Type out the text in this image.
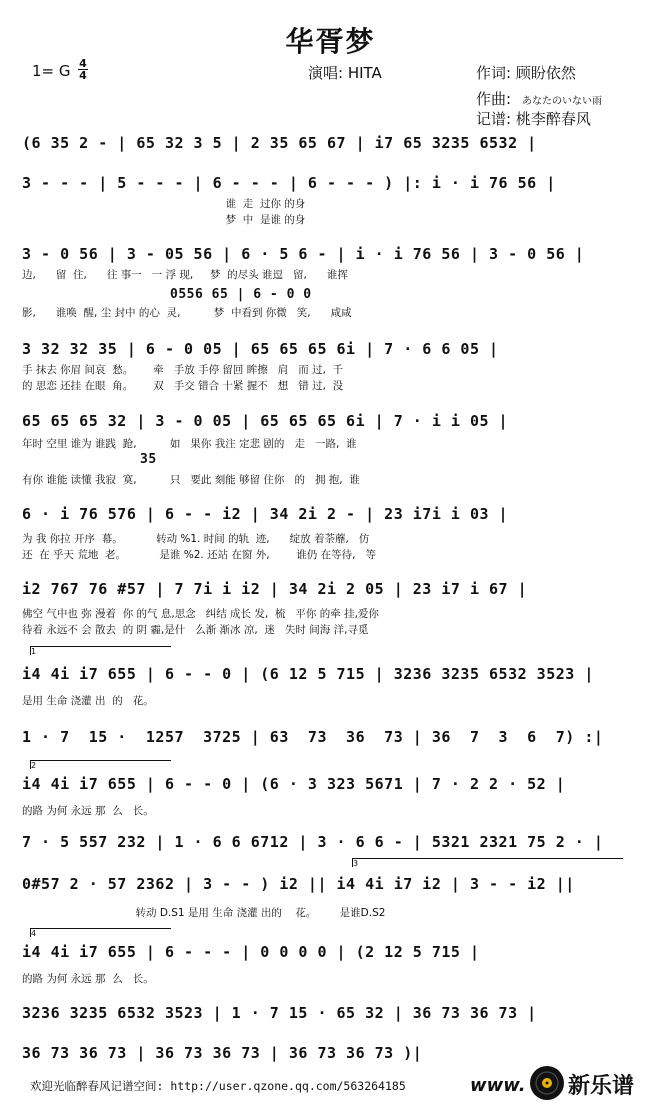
华胥梦
1= G 4
4	演唱: HITA	作词: 顾盼依然
作曲: あなたのいない雨
记谱: 桃李醉春风
(6 35 2 - | 65 32 3 5 | 2 35 65 67 | i7 65 3235 6532 |
3 - - - | 5 - - - | 6 - - - | 6 - - - ) |: i · i 76 56 |
谁  走  过你 的身
梦  中  是谁 的身
3 - 0 56 | 3 - 05 56 | 6 · 5 6 - | i · i 76 56 | 3 - 0 56 |
边,      留  住,      往 事一   一 浮 现,     梦  的尽头 谁逗   留,      谁挥
0556 65 | 6 - 0 0
影,      谁唤  醒, 尘 封中 的心  灵,          梦  中看到 你微   笑,      咸咸
3 32 32 35 | 6 - 0 05 | 65 65 65 6i | 7 · 6 6 05 |
手 抹去 你眉 间哀  愁。      牵   手放 手停 留回 眸擦   肩   而 过,  千
的 思恋 还挂 在眼  角。      双   手交 错合 十紧 握不   想   错 过,  没
65 65 65 32 | 3 - 0 05 | 65 65 65 6i | 7 · i i 05 |
年时 空里 谁为 谁践  跄,          如   果你 我注 定悲 剧的   走   一路,  谁
35
有你 谁能 读懂 我寂  寞,          只   要此 刻能 够留 住你   的   拥 抱,  谁
6 · i 76 576 | 6 - - i2 | 34 2i 2 - | 23 i7i i 03 |
为 我 你拉 开序  幕。          转动 %1. 时间 的轨  迹,      绽放 着荼蘼,   仿
还  在 乎天 荒地  老。          是谁 %2. 还站 在窗 外,        谁仍 在等待,   等
i2 767 76 #57 | 7 7i i i2 | 34 2i 2 05 | 23 i7 i 67 |
佛空 气中也 弥 漫着  你 的气 息,思念   纠结 成长 发,  梳   平你 的牵 挂,爱你
待着 永远不 会 散去  的 阴 霾,是什   么渐 渐冰 凉,  迷   失时 间海 洋,寻觅
1
i4 4i i7 655 | 6 - - 0 | (6 12 5 715 | 3236 3235 6532 3523 |
是用 生命 浇灌 出  的   花。
1 · 7  15 ·  1257  3725 | 63  73  36  73 | 36  7  3  6  7) :|
2
i4 4i i7 655 | 6 - - 0 | (6 · 3 323 5671 | 7 · 2 2 · 52 |
的路 为何 永远 那  么   长。
7 · 5 557 232 | 1 · 6 6 6712 | 3 · 6 6 - | 5321 2321 75 2 · |
3
0#57 2 · 57 2362 | 3 - - ) i2 || i4 4i i7 i2 | 3 - - i2 ||
转动 D.S1 是用 生命 浇灌 出的    花。       是谁D.S2
4
i4 4i i7 655 | 6 - - - | 0 0 0 0 | (2 12 5 715 |
的路 为何 永远 那  么   长。
3236 3235 6532 3523 | 1 · 7 15 · 65 32 | 36 73 36 73 |
36 73 36 73 | 36 73 36 73 | 36 73 36 73 )|
欢迎光临醉春风记谱空间: http://user.qzone.qq.com/563264185	www. 新乐谱
